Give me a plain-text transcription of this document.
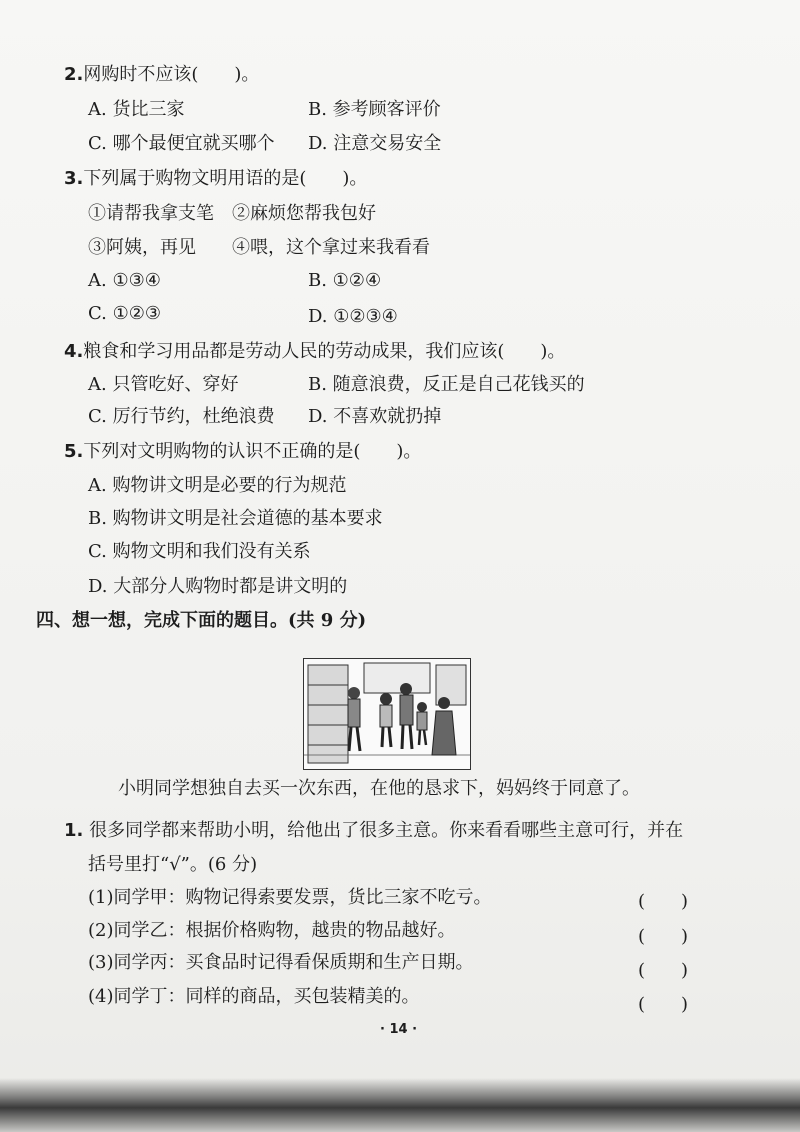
2.网购时不应该(　　)。
A. 货比三家	B. 参考顾客评价
C. 哪个最便宜就买哪个 D. 注意交易安全
3.下列属于购物文明用语的是(　　)。
①请帮我拿支笔　②麻烦您帮我包好
③阿姨，再见　　④喂，这个拿过来我看看
A. ①③④	B. ①②④
C. ①②③	D. ①②③④
4.粮食和学习用品都是劳动人民的劳动成果，我们应该(　　)。
A. 只管吃好、穿好	B. 随意浪费，反正是自己花钱买的
C. 厉行节约，杜绝浪费 D. 不喜欢就扔掉
5.下列对文明购物的认识不正确的是(　　)。
A. 购物讲文明是必要的行为规范
B. 购物讲文明是社会道德的基本要求
C. 购物文明和我们没有关系
D. 大部分人购物时都是讲文明的
四、想一想，完成下面的题目。(共 9 分)
小明同学想独自去买一次东西，在他的恳求下，妈妈终于同意了。
1. 很多同学都来帮助小明，给他出了很多主意。你来看看哪些主意可行，并在
括号里打“√”。(6 分)
(1)同学甲：购物记得索要发票，货比三家不吃亏。	(　　)
(2)同学乙：根据价格购物，越贵的物品越好。	(　　)
(3)同学丙：买食品时记得看保质期和生产日期。	(　　)
(4)同学丁：同样的商品，买包装精美的。	(　　)
· 14 ·
